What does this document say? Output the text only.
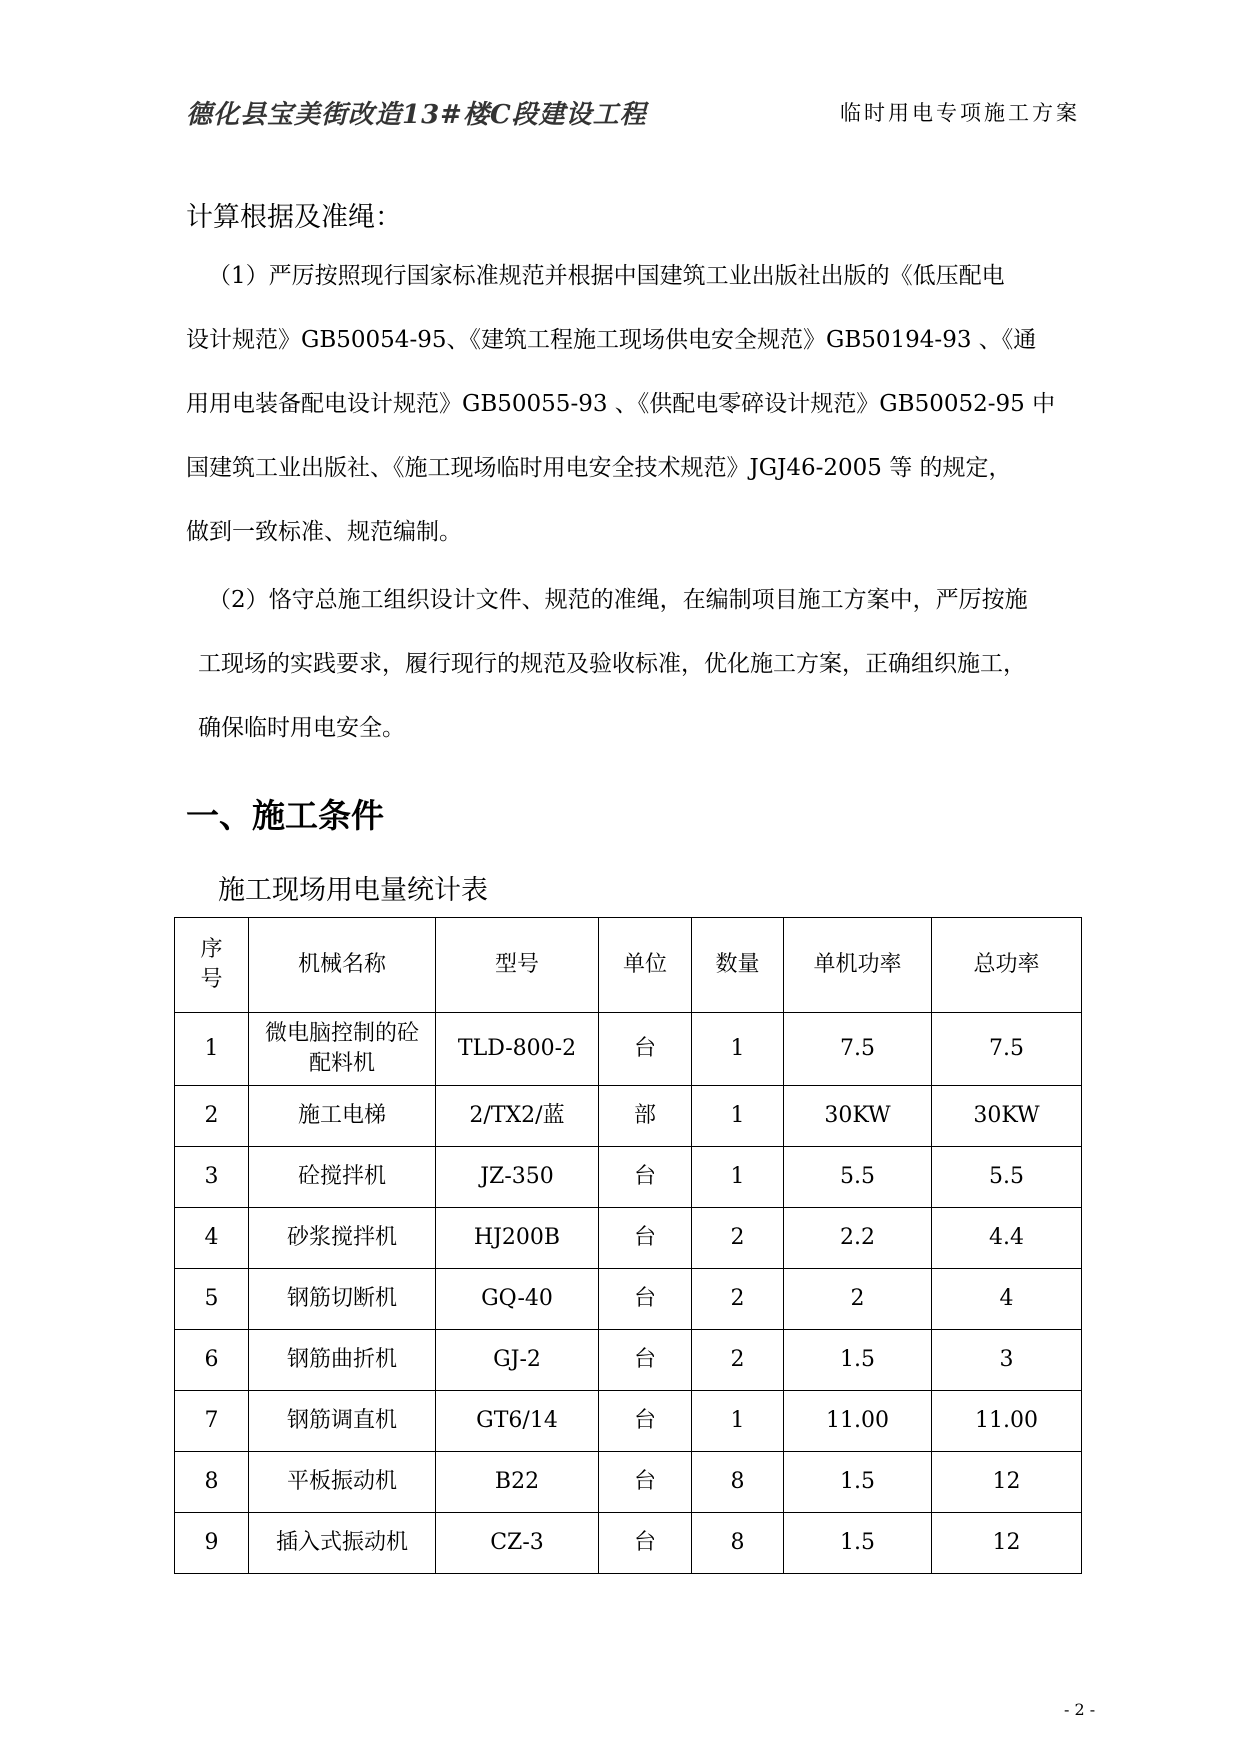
德化县宝美街改造13#楼C段建设工程	临时用电专项施工方案
计算根据及准绳：
（1）严厉按照现行国家标准规范并根据中国建筑工业出版社出版的《低压配电
设计规范》GB50054-95、《建筑工程施工现场供电安全规范》GB50194-93 、《通
用用电装备配电设计规范》GB50055-93 、《供配电零碎设计规范》GB50052-95 中
国建筑工业出版社、《施工现场临时用电安全技术规范》JGJ46-2005 等 的规定，
做到一致标准、规范编制。
（2）恪守总施工组织设计文件、规范的准绳，在编制项目施工方案中，严厉按施
工现场的实践要求，履行现行的规范及验收标准，优化施工方案，正确组织施工，
确保临时用电安全。
一、施工条件
施工现场用电量统计表
序号	机械名称	型号	单位	数量	单机功率	总功率
1	微电脑控制的砼配料机	TLD-800-2	台	1	7.5	7.5
2	施工电梯	2/TX2/蓝	部	1	30KW	30KW
3	砼搅拌机	JZ-350	台	1	5.5	5.5
4	砂浆搅拌机	HJ200B	台	2	2.2	4.4
5	钢筋切断机	GQ-40	台	2	2	4
6	钢筋曲折机	GJ-2	台	2	1.5	3
7	钢筋调直机	GT6/14	台	1	11.00	11.00
8	平板振动机	B22	台	8	1.5	12
9	插入式振动机	CZ-3	台	8	1.5	12
- 2 -
